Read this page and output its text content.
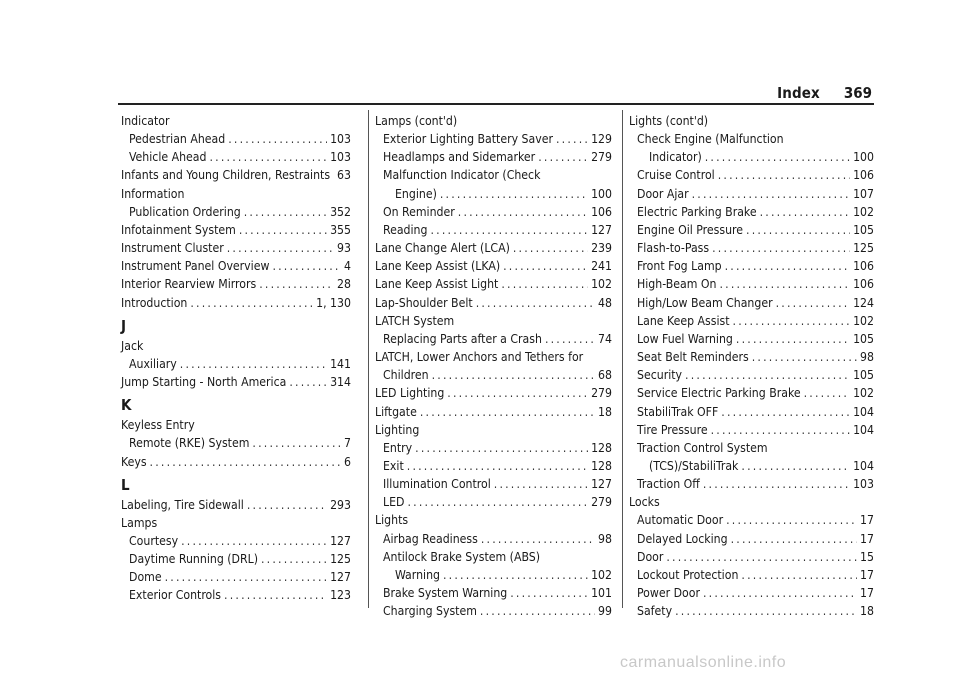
Index 369
Indicator
Pedestrian Ahead .....	103
Vehicle Ahead .....	103
Infants and Young Children, Restraints ..... 63
Information
Publication Ordering .....	352
Infotainment System .....	355
Instrument Cluster .....	93
Instrument Panel Overview .....	4
Interior Rearview Mirrors .....	28
Introduction .....	1, 130
J
Jack
Auxiliary .....	141
Jump Starting - North America .....	314
K
Keyless Entry
Remote (RKE) System .....	7
Keys .....	6
L
Labeling, Tire Sidewall .....	293
Lamps
Courtesy .....	127
Daytime Running (DRL) .....	125
Dome .....	127
Exterior Controls .....	123
Lamps (cont'd)
Exterior Lighting Battery Saver .....	129
Headlamps and Sidemarker .....	279
Malfunction Indicator (Check
Engine) .....	100
On Reminder .....	106
Reading .....	127
Lane Change Alert (LCA) .....	239
Lane Keep Assist (LKA) .....	241
Lane Keep Assist Light .....	102
Lap-Shoulder Belt .....	48
LATCH System
Replacing Parts after a Crash .....	74
LATCH, Lower Anchors and Tethers for
Children .....	68
LED Lighting .....	279
Liftgate .....	18
Lighting
Entry .....	128
Exit .....	128
Illumination Control .....	127
LED .....	279
Lights
Airbag Readiness .....	98
Antilock Brake System (ABS)
Warning .....	102
Brake System Warning .....	101
Charging System .....	99
Lights (cont'd)
Check Engine (Malfunction
Indicator) .....	100
Cruise Control .....	106
Door Ajar .....	107
Electric Parking Brake .....	102
Engine Oil Pressure .....	105
Flash-to-Pass .....	125
Front Fog Lamp .....	106
High-Beam On .....	106
High/Low Beam Changer .....	124
Lane Keep Assist .....	102
Low Fuel Warning .....	105
Seat Belt Reminders .....	98
Security .....	105
Service Electric Parking Brake .....	102
StabiliTrak OFF .....	104
Tire Pressure .....	104
Traction Control System
(TCS)/StabiliTrak .....	104
Traction Off .....	103
Locks
Automatic Door .....	17
Delayed Locking .....	17
Door .....	15
Lockout Protection .....	17
Power Door .....	17
Safety .....	18
carmanualsonline.info
